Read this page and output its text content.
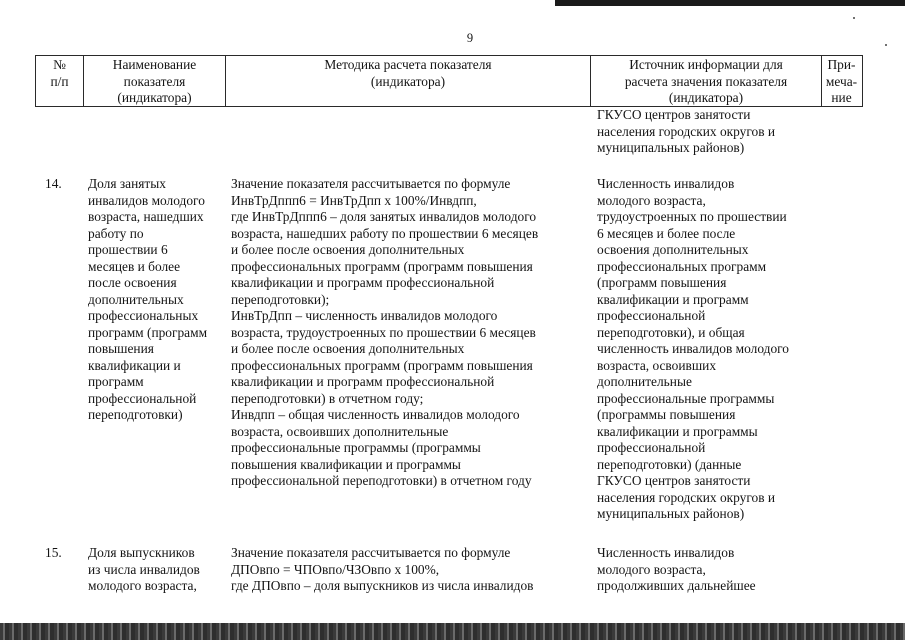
9
№
п/п
Наименование
показателя
(индикатора)
Методика расчета показателя
(индикатора)
Источник информации для
расчета значения показателя
(индикатора)
При-
меча-
ние
ГКУСО центров занятости
населения городских округов и
муниципальных районов)
14. Доля занятых
инвалидов молодого
возраста, нашедших
работу по
прошествии 6
месяцев и более
после освоения
дополнительных
профессиональных
программ (программ
повышения
квалификации и
программ
профессиональной
переподготовки)
Значение показателя рассчитывается по формуле
ИнвТрДппп6 = ИнвТрДпп х 100%/Инвдпп,
где ИнвТрДппп6 – доля занятых инвалидов молодого
возраста, нашедших работу по прошествии 6 месяцев
и более после освоения дополнительных
профессиональных программ (программ повышения
квалификации и программ профессиональной
переподготовки);
ИнвТрДпп – численность инвалидов молодого
возраста, трудоустроенных по прошествии 6 месяцев
и более после освоения дополнительных
профессиональных программ (программ повышения
квалификации и программ профессиональной
переподготовки) в отчетном году;
Инвдпп – общая численность инвалидов молодого
возраста, освоивших дополнительные
профессиональные программы (программы
повышения квалификации и программы
профессиональной переподготовки) в отчетном году
Численность инвалидов
молодого возраста,
трудоустроенных по прошествии
6 месяцев и более после
освоения дополнительных
профессиональных программ
(программ повышения
квалификации и программ
профессиональной
переподготовки), и общая
численность инвалидов молодого
возраста, освоивших
дополнительные
профессиональные программы
(программы повышения
квалификации и программы
профессиональной
переподготовки) (данные
ГКУСО центров занятости
населения городских округов и
муниципальных районов)
15. Доля выпускников
из числа инвалидов
молодого возраста,
Значение показателя рассчитывается по формуле
ДПОвпо = ЧПОвпо/ЧЗОвпо х 100%,
где ДПОвпо – доля выпускников из числа инвалидов
Численность инвалидов
молодого возраста,
продолживших дальнейшее
